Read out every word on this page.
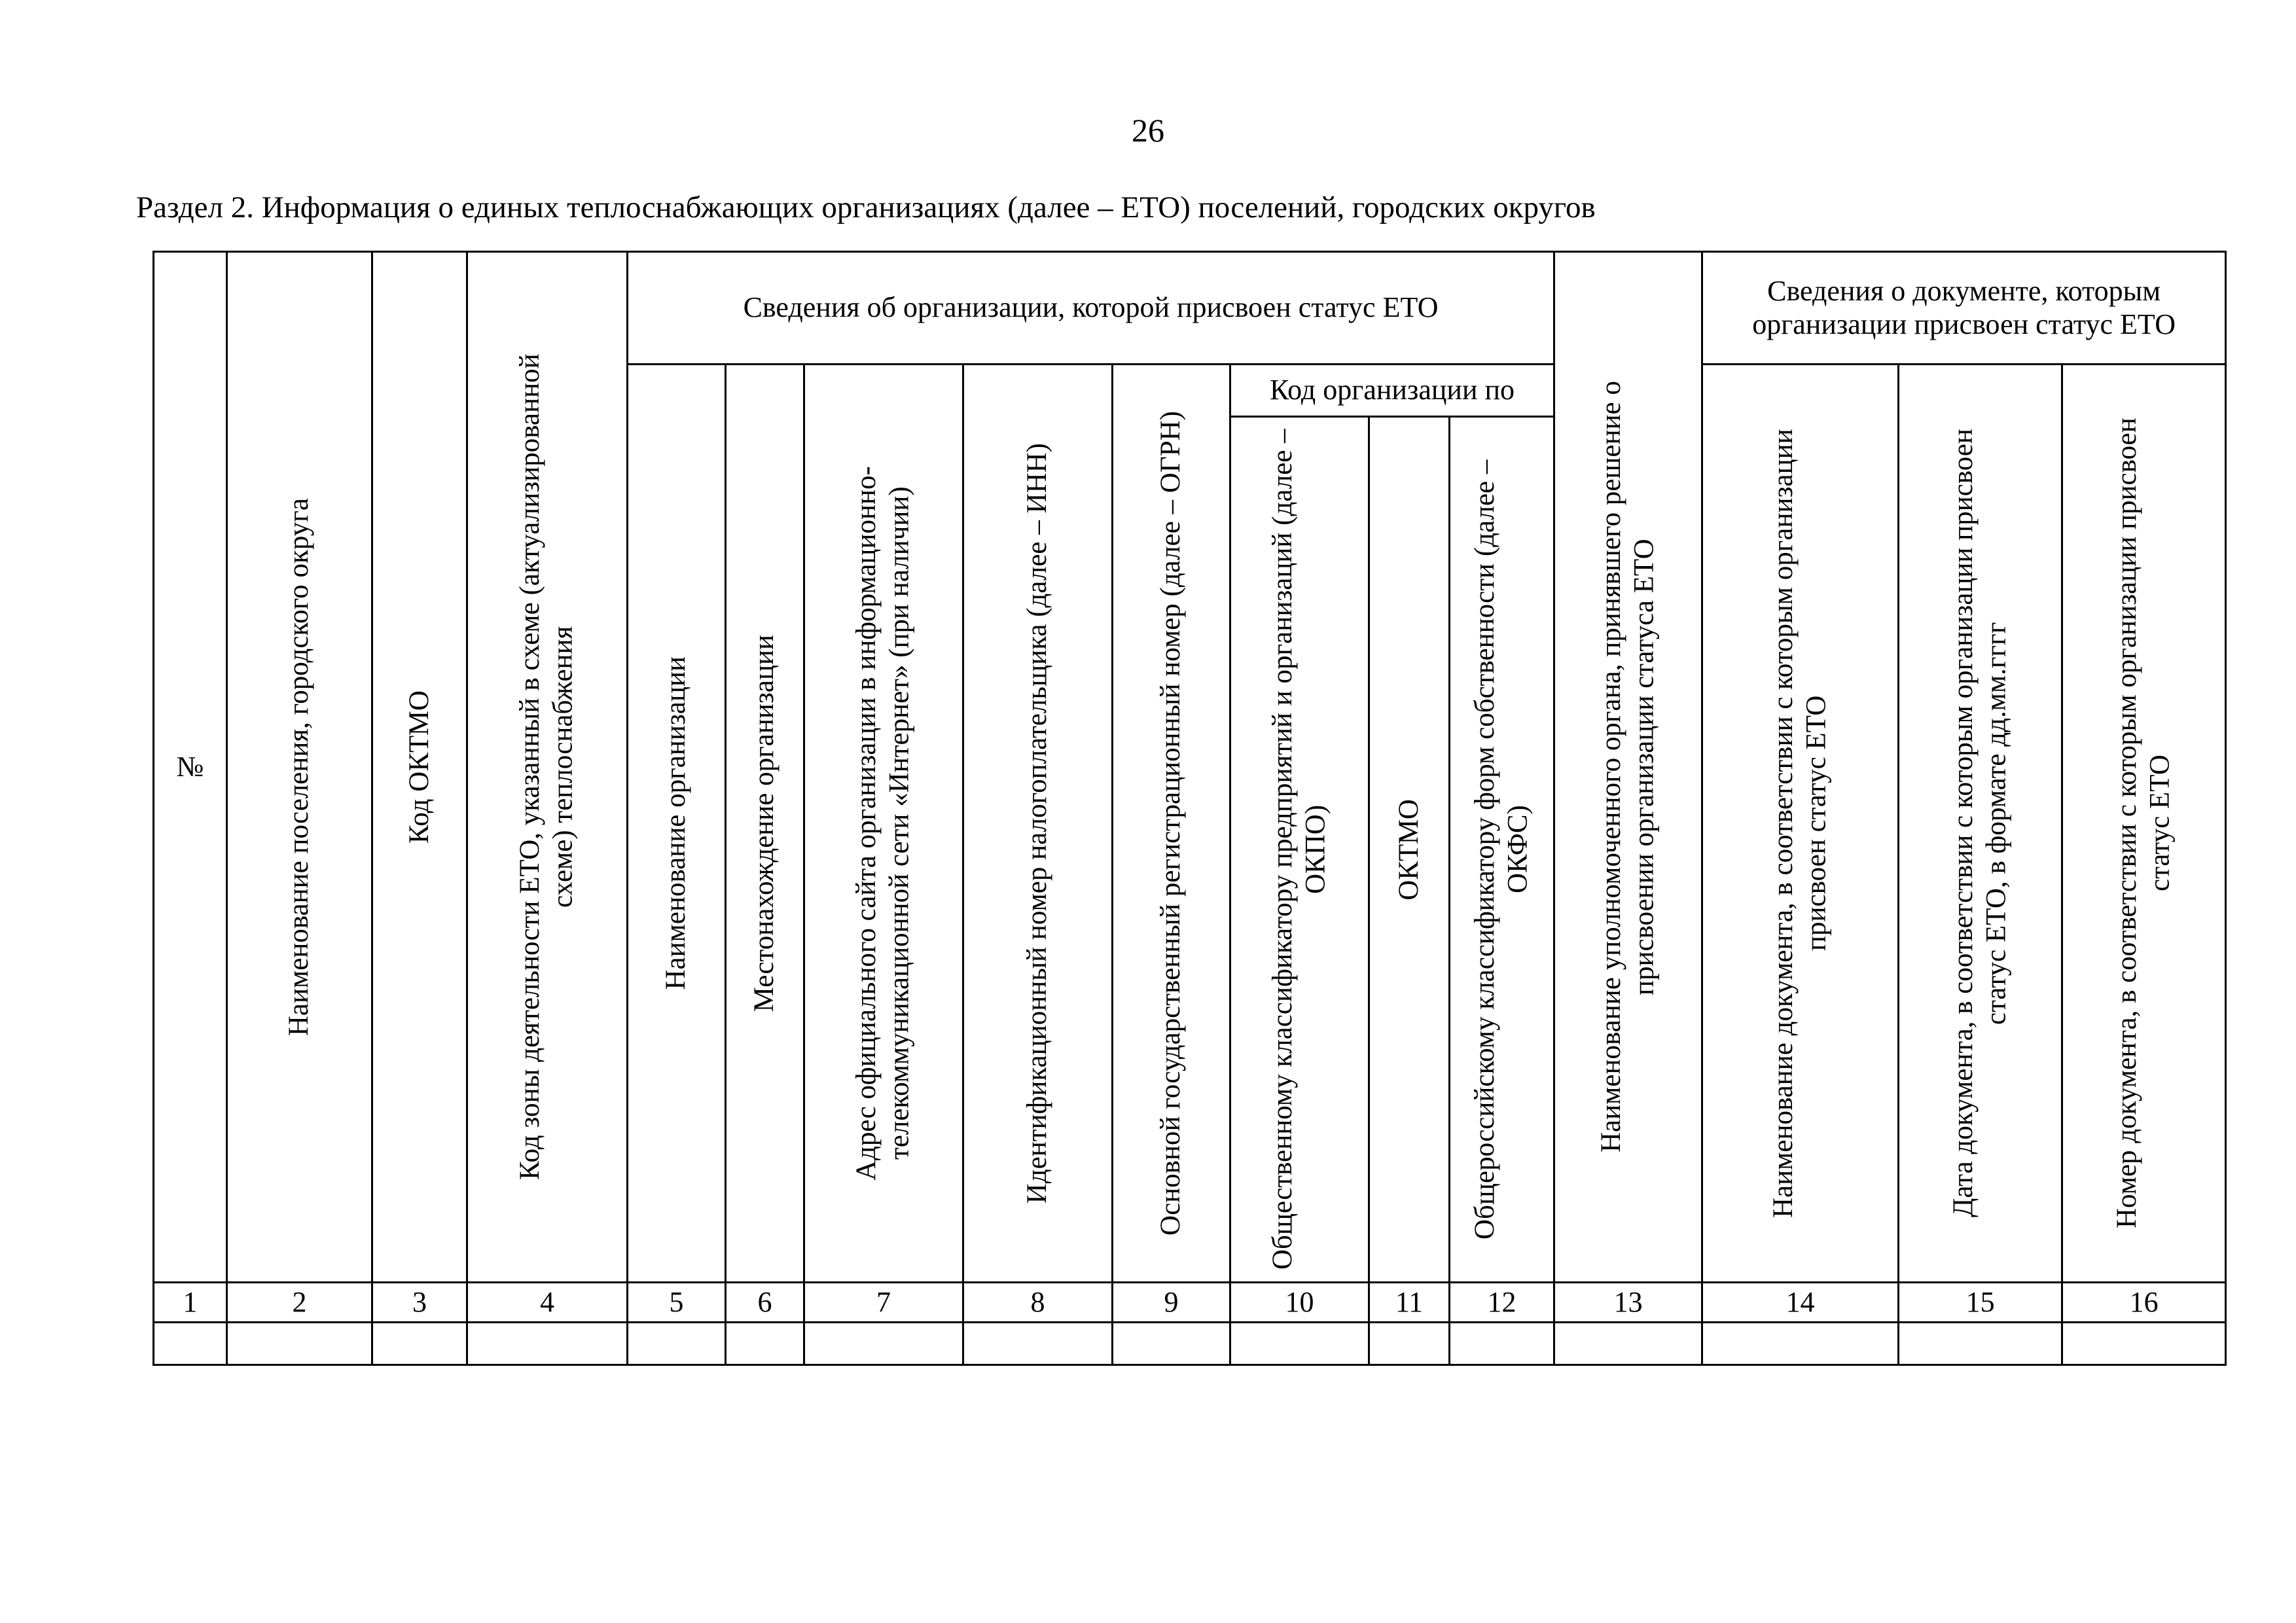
26
Раздел 2. Информация о единых теплоснабжающих организациях (далее – ЕТО) поселений, городских округов
№	Наименование поселения, городского округа	Код ОКТМО	Код зоны деятельности ЕТО, указанный в схеме (актуализированной схеме) теплоснабжения	Сведения об организации, которой присвоен статус ЕТО								Наименование уполномоченного органа, принявшего решение о присвоении организации статуса ЕТО	Сведения о документе, которым организации присвоен статус ЕТО		

				Наименование организации	Местонахождение организации	Адрес официального сайта организации в информационно-телекоммуникационной сети «Интернет» (при наличии)	Идентификационный номер налогоплательщика (далее – ИНН)	Основной государственный регистрационный номер (далее – ОГРН)	Код организации по				Наименование документа, в соответствии с которым организации присвоен статус ЕТО	Дата документа, в соответствии с которым организации присвоен статус ЕТО, в формате дд.мм.гггг	Номер документа, в соответствии с которым организации присвоен статус ЕТО

									Общественному классификатору предприятий и организаций (далее – ОКПО)	ОКТМО	Общероссийскому классификатору форм собственности (далее – ОКФС)				

1	2	3	4	5	6	7	8	9	10	11	12	13	14	15	16
